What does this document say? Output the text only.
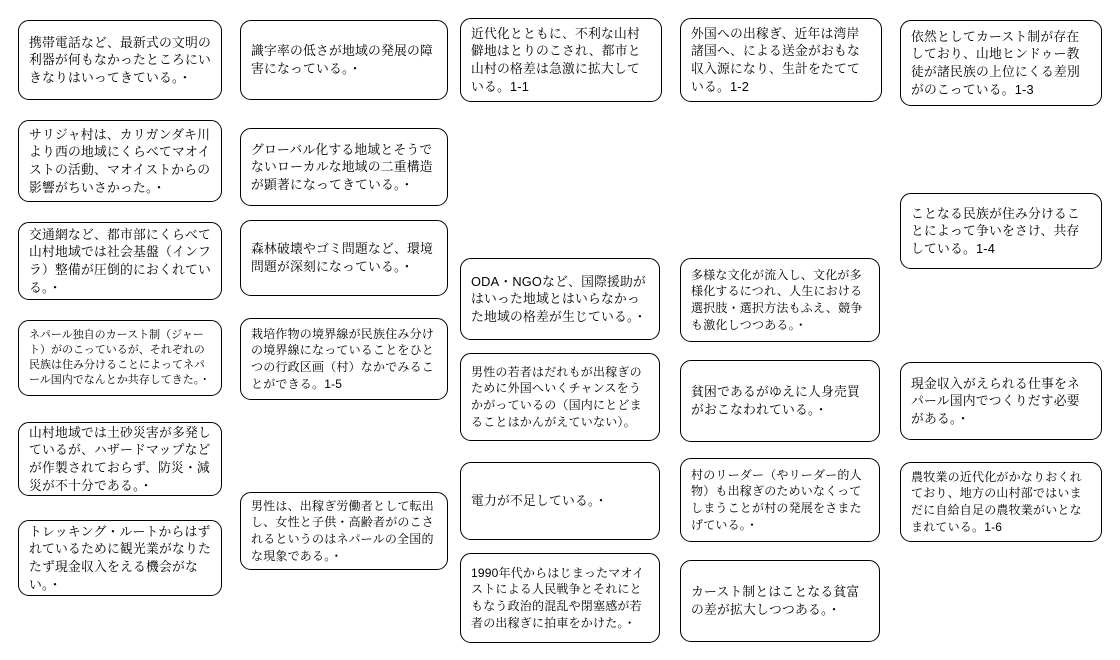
携帯電話など、最新式の文明の利器が何もなかったところにいきなりはいってきている。・
サリジャ村は、カリガンダキ川より西の地域にくらべてマオイストの活動、マオイストからの影響がちいさかった。・
交通網など、都市部にくらべて山村地域では社会基盤（インフラ）整備が圧倒的におくれている。・
ネパール独自のカースト制（ジャート）がのこっているが、それぞれの民族は住み分けることによってネパール国内でなんとか共存してきた。・
山村地域では土砂災害が多発しているが、ハザードマップなどが作製されておらず、防災・減災が不十分である。・
トレッキング・ルートからはずれているために観光業がなりたたず現金収入をえる機会がない。・
識字率の低さが地域の発展の障害になっている。・
グローバル化する地域とそうでないローカルな地域の二重構造が顕著になってきている。・
森林破壊やゴミ問題など、環境問題が深刻になっている。・
栽培作物の境界線が民族住み分けの境界線になっていることをひとつの行政区画（村）なかでみることができる。1-5
男性は、出稼ぎ労働者として転出し、女性と子供・高齢者がのこされるというのはネパールの全国的な現象である。・
近代化とともに、不利な山村僻地はとりのこされ、都市と山村の格差は急激に拡大している。1-1
ODA・NGOなど、国際援助がはいった地域とはいらなかった地域の格差が生じている。・
男性の若者はだれもが出稼ぎのために外国へいくチャンスをうかがっているの（国内にとどまることはかんがえていない）。
電力が不足している。・
1990年代からはじまったマオイストによる人民戦争とそれにともなう政治的混乱や閉塞感が若者の出稼ぎに拍車をかけた。・
外国への出稼ぎ、近年は湾岸諸国へ、による送金がおもな収入源になり、生計をたてている。1-2
多様な文化が流入し、文化が多様化するにつれ、人生における選択肢・選択方法もふえ、競争も激化しつつある。・
貧困であるがゆえに人身売買がおこなわれている。・
村のリーダー（やリーダー的人物）も出稼ぎのためいなくってしまうことが村の発展をさまたげている。・
カースト制とはことなる貧富の差が拡大しつつある。・
依然としてカースト制が存在しており、山地ヒンドゥー教徒が諸民族の上位にくる差別がのこっている。1-3
ことなる民族が住み分けることによって争いをさけ、共存している。1-4
現金収入がえられる仕事をネパール国内でつくりだす必要がある。・
農牧業の近代化がかなりおくれており、地方の山村部ではいまだに自給自足の農牧業がいとなまれている。1-6
